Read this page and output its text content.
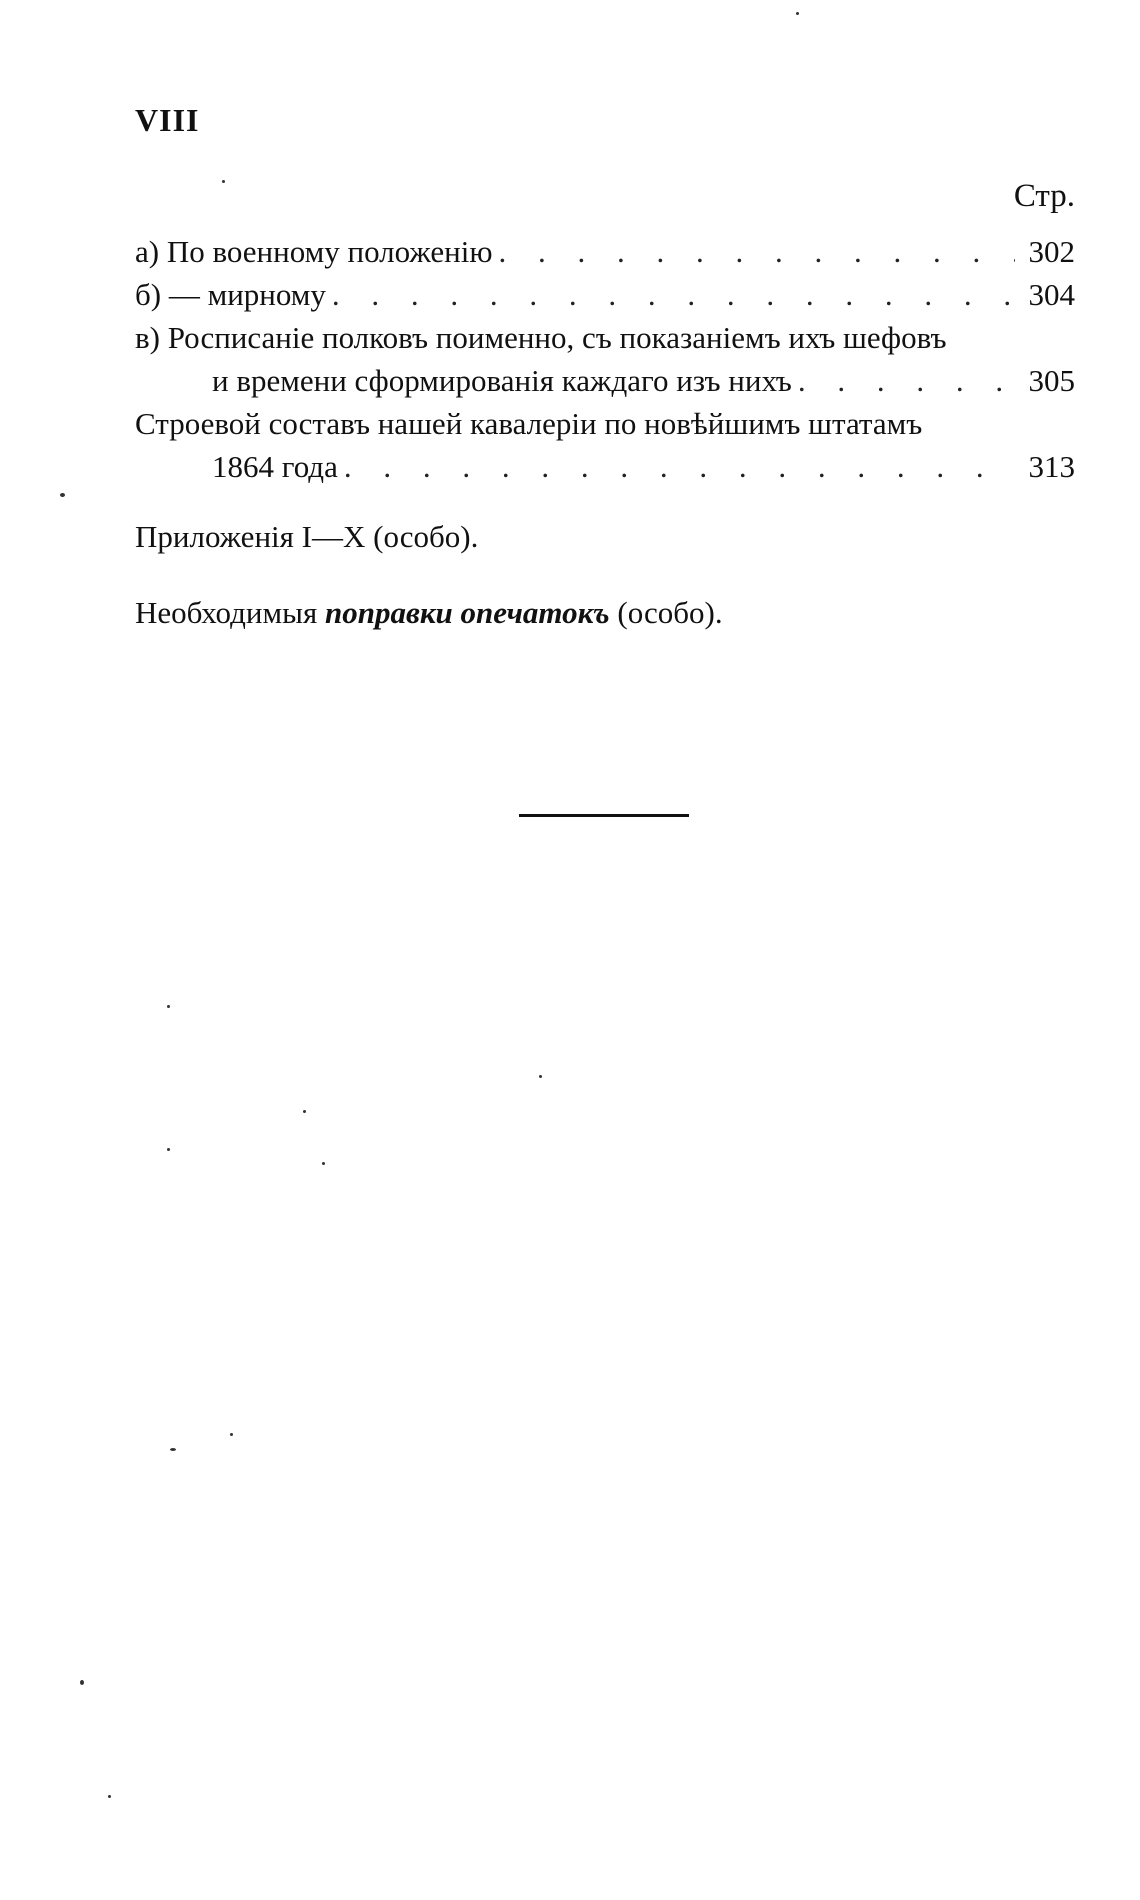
VIII
Стр.
а) По военному положенію . . .	302
б) — мирному . . .	304
в) Росписаніе полковъ поименно, съ показаніемъ ихъ шефовъ
и времени сформированія каждаго изъ нихъ . . .	305
Строевой составъ нашей кавалеріи по новѣйшимъ штатамъ
1864 года . . .	313
Приложенія I—X (особо).
Необходимыя поправки опечатокъ (особо).
